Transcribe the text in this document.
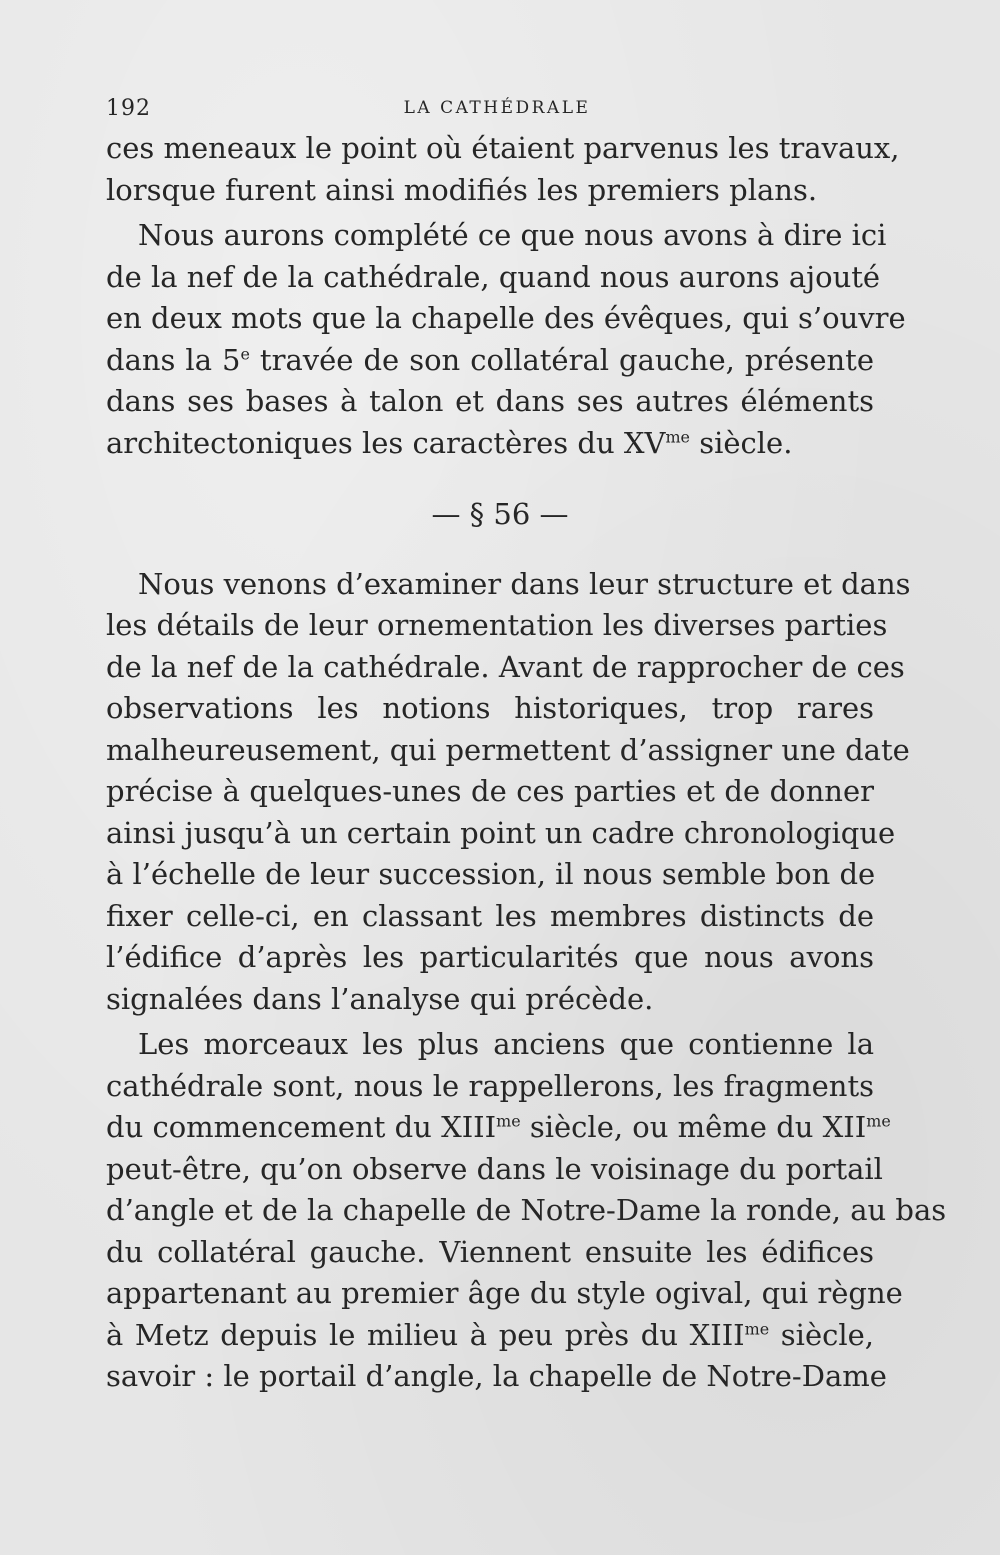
192	LA CATHÉDRALE
ces meneaux le point où étaient parvenus les travaux,
lorsque furent ainsi modifiés les premiers plans.
Nous aurons complété ce que nous avons à dire ici
de la nef de la cathédrale, quand nous aurons ajouté
en deux mots que la chapelle des évêques, qui s’ouvre
dans la 5e travée de son collatéral gauche, présente
dans ses bases à talon et dans ses autres éléments
architectoniques les caractères du $XV^{me}$ siècle.
— § 56 —
Nous venons d’examiner dans leur structure et dans
les détails de leur ornementation les diverses parties
de la nef de la cathédrale. Avant de rapprocher de ces
observations les notions historiques, trop rares
malheureusement, qui permettent d’assigner une date
précise à quelques-unes de ces parties et de donner
ainsi jusqu’à un certain point un cadre chronologique
à l’échelle de leur succession, il nous semble bon de
fixer celle-ci, en classant les membres distincts de
l’édifice d’après les particularités que nous avons
signalées dans l’analyse qui précède.
Les morceaux les plus anciens que contienne la
cathédrale sont, nous le rappellerons, les fragments
du commencement du $XIII^{me}$ siècle, ou même du $XII^{me}$
peut-être, qu’on observe dans le voisinage du portail
d’angle et de la chapelle de Notre-Dame la ronde, au bas
du collatéral gauche. Viennent ensuite les édifices
appartenant au premier âge du style ogival, qui règne
à Metz depuis le milieu à peu près du $XIII^{me}$ siècle,
savoir : le portail d’angle, la chapelle de Notre-Dame
